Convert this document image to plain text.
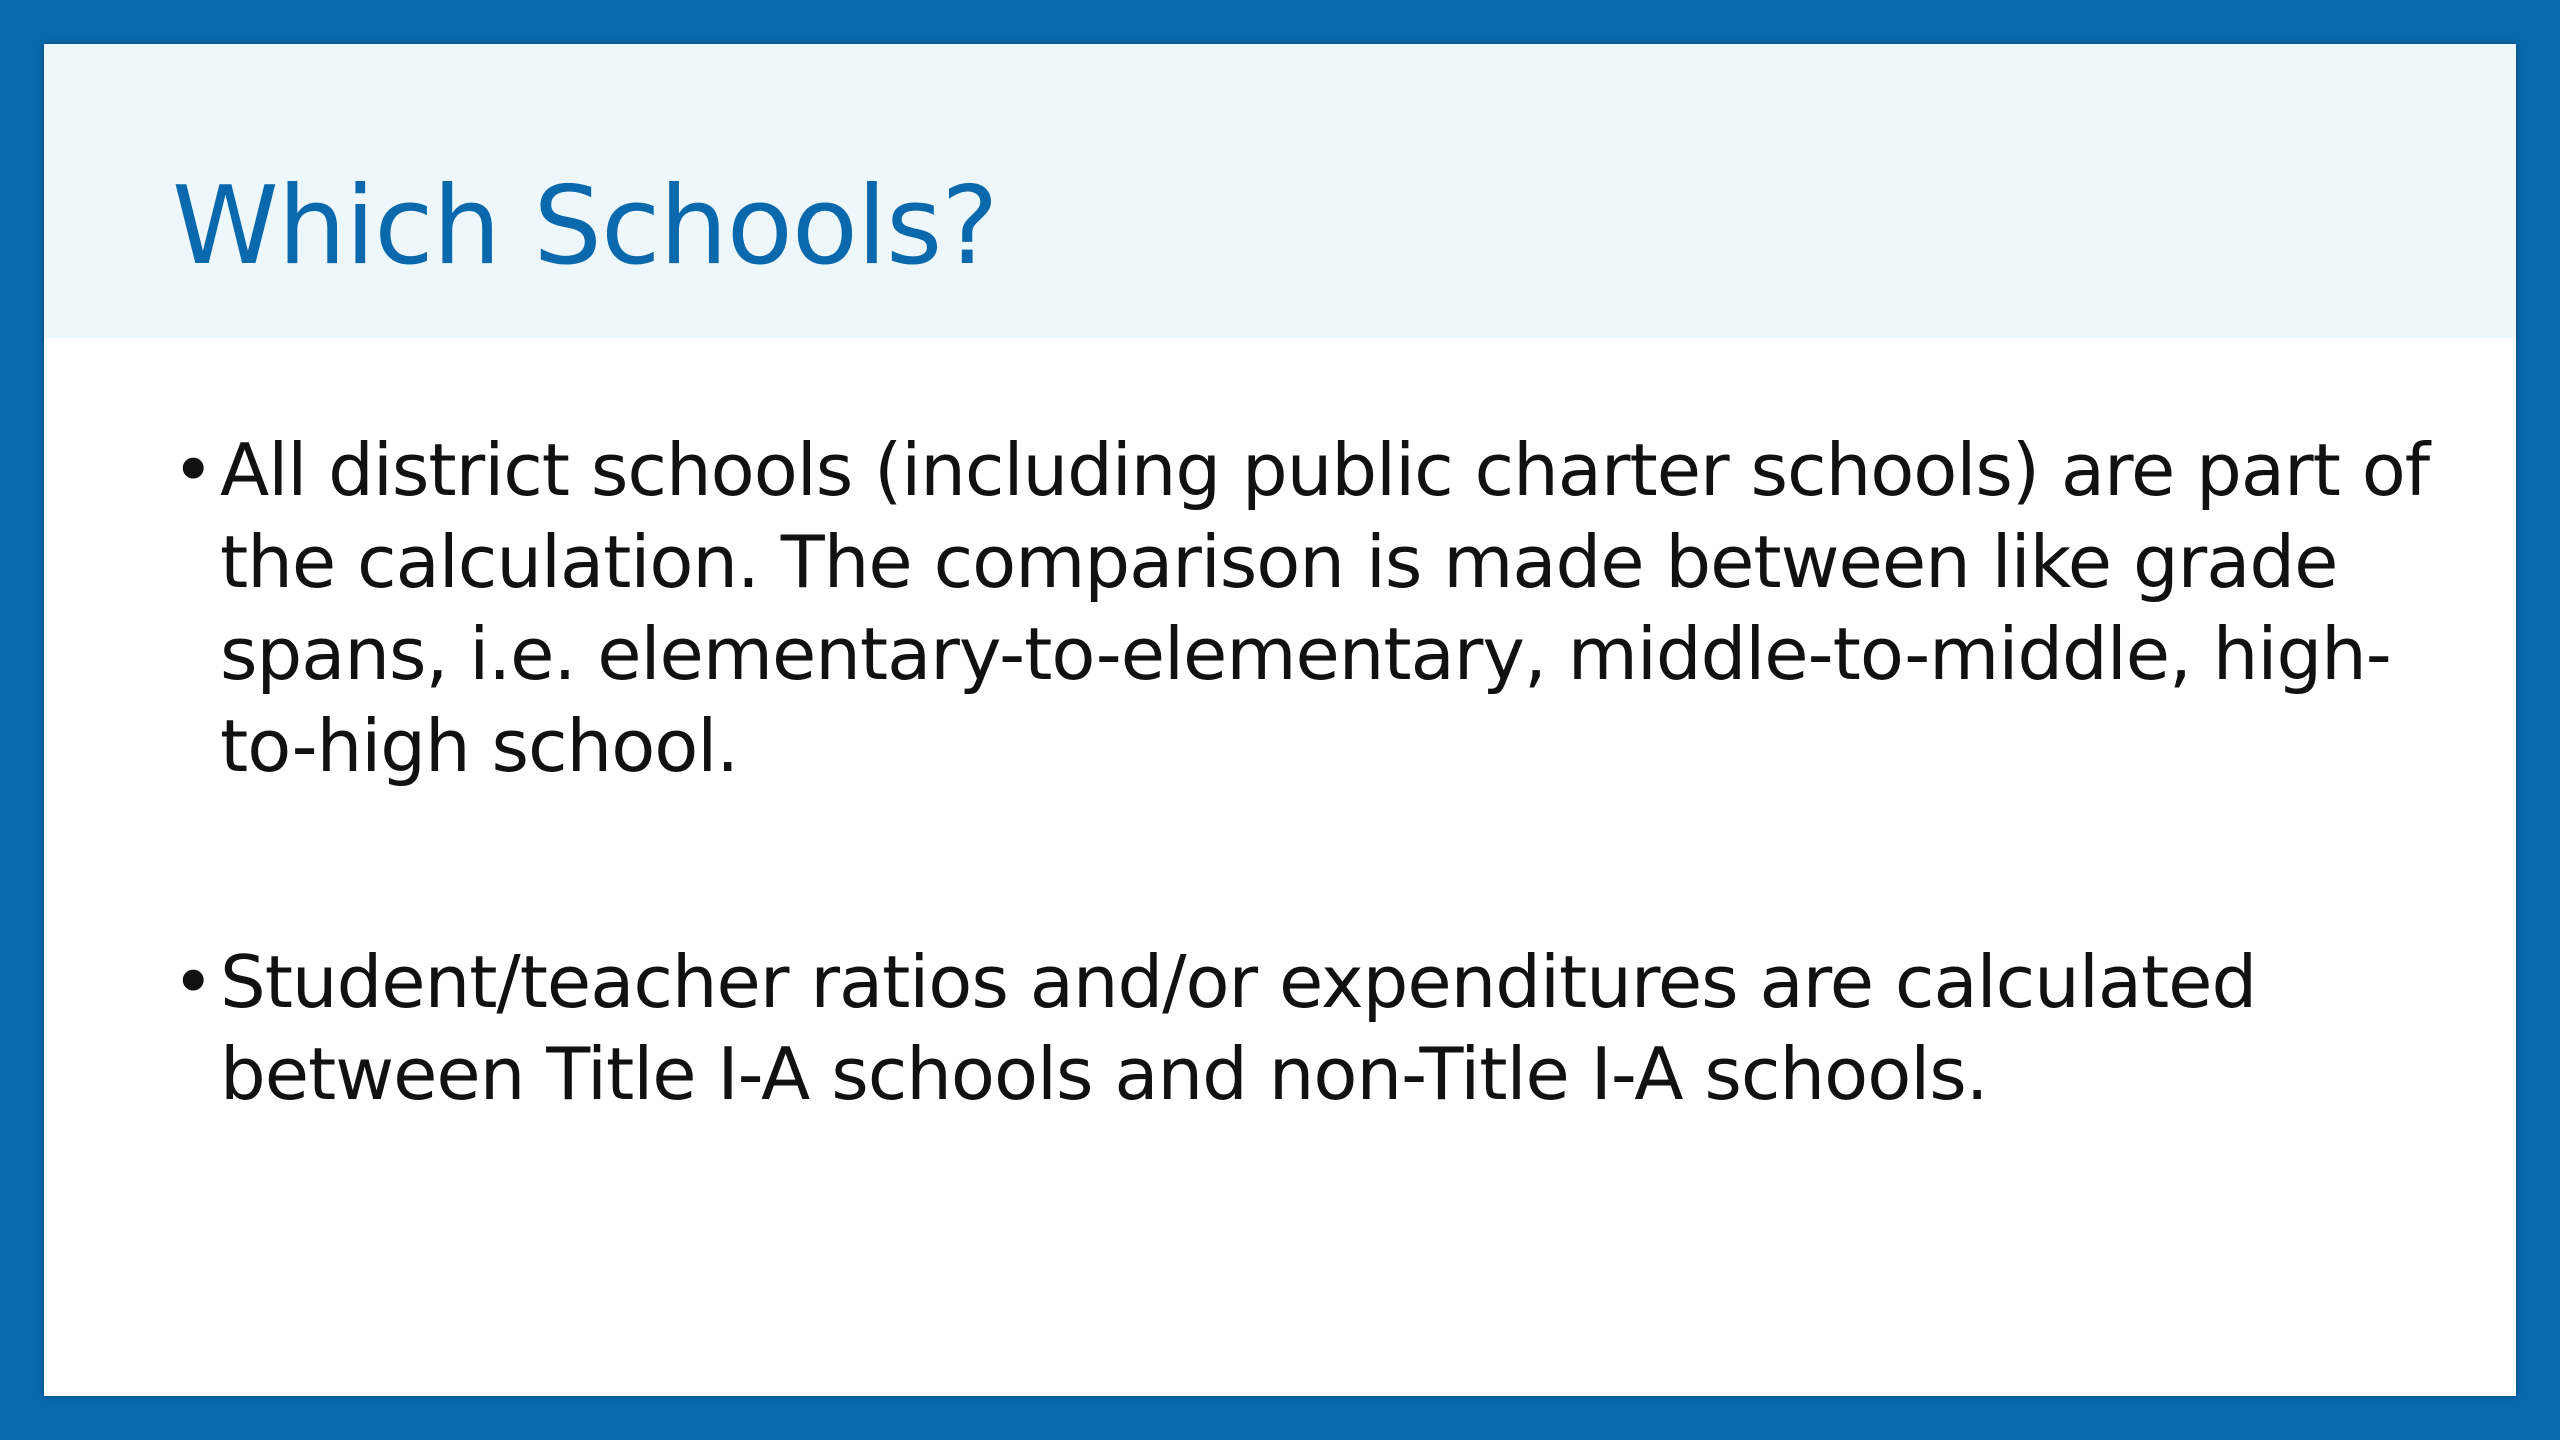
Which Schools?
• All district schools (including public charter schools) are part of the calculation. The comparison is made between like grade spans, i.e. elementary-to-elementary, middle-to-middle, high-to-high school.
• Student/teacher ratios and/or expenditures are calculated between Title I-A schools and non-Title I-A schools.
